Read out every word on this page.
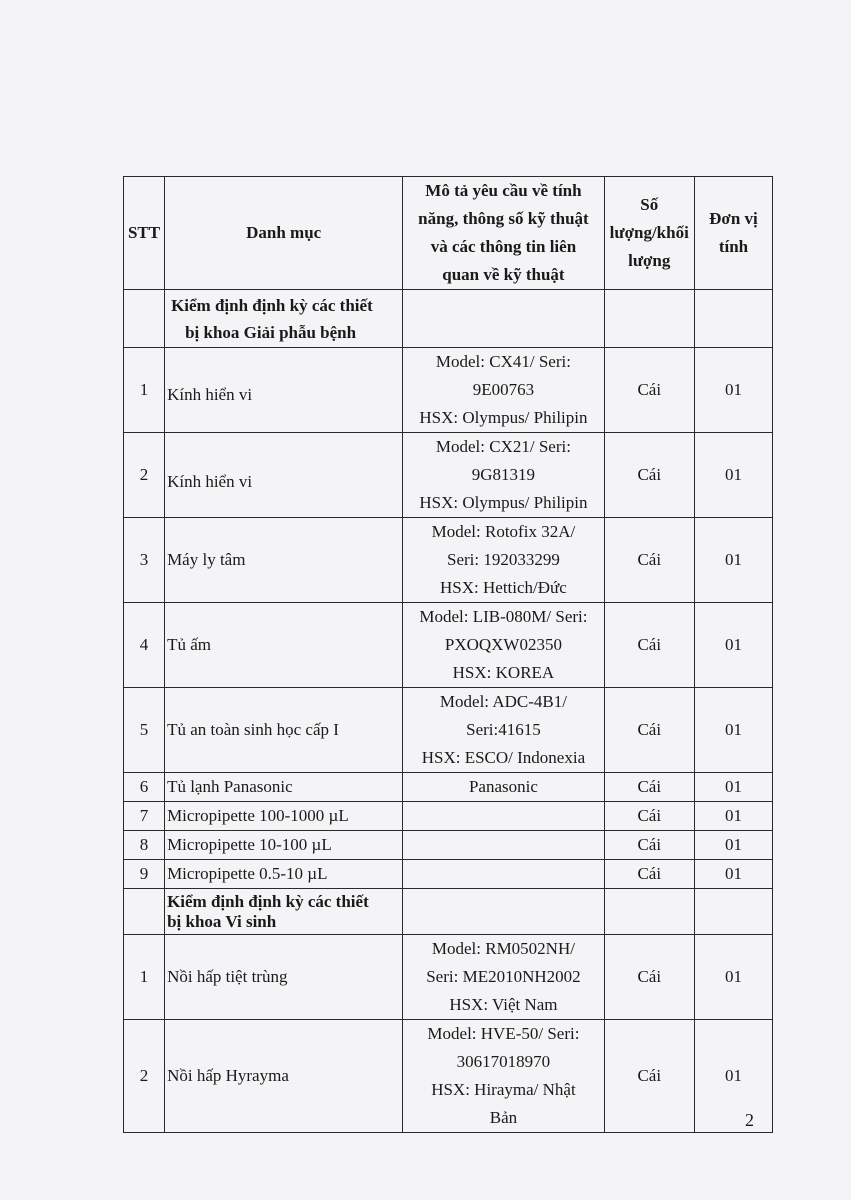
STT	Danh mục	Mô tả yêu cầu về tính
năng, thông số kỹ thuật
và các thông tin liên
quan về kỹ thuật	Số
lượng/khối
lượng	Đơn vị
tính

	Kiểm định định kỳ các thiết
bị khoa Giải phẫu bệnh			

1	Kính hiển vi	Model: CX41/ Seri:
9E00763
HSX: Olympus/ Philipin	Cái	01
2	Kính hiển vi	Model: CX21/ Seri:
9G81319
HSX: Olympus/ Philipin	Cái	01
3	Máy ly tâm	Model: Rotofix 32A/
Seri: 192033299
HSX: Hettich/Đức	Cái	01
4	Tủ ấm	Model: LIB-080M/ Seri:
PXOQXW02350
HSX: KOREA	Cái	01
5	Tủ an toàn sinh học cấp I	Model: ADC-4B1/
Seri:41615
HSX: ESCO/ Indonexia	Cái	01
6	Tủ lạnh Panasonic	Panasonic	Cái	01
7	Micropipette 100-1000 µL		Cái	01
8	Micropipette 10-100 µL		Cái	01
9	Micropipette 0.5-10 µL		Cái	01

	Kiểm định định kỳ các thiết
bị khoa Vi sinh			

1	Nồi hấp tiệt trùng	Model: RM0502NH/
Seri: ME2010NH2002
HSX: Việt Nam	Cái	01
2	Nồi hấp Hyrayma	Model: HVE-50/ Seri:
30617018970
HSX: Hirayma/ Nhật
Bản	Cái	01
2
